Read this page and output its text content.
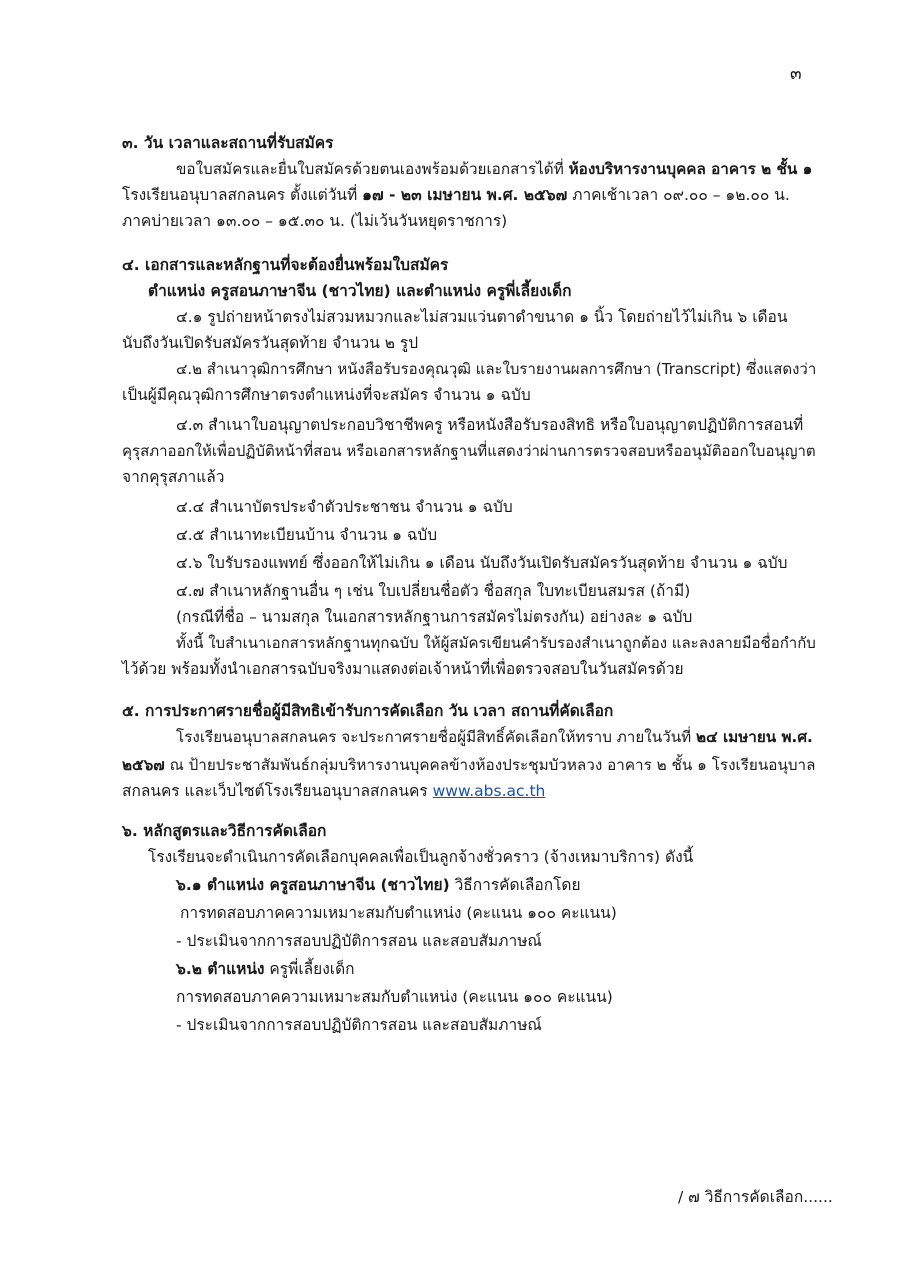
๓
๓. วัน เวลาและสถานที่รับสมัคร
ขอใบสมัครและยื่นใบสมัครด้วยตนเองพร้อมด้วยเอกสารได้ที่ ห้องบริหารงานบุคคล อาคาร ๒ ชั้น ๑
โรงเรียนอนุบาลสกลนคร ตั้งแต่วันที่ ๑๗ - ๒๓ เมษายน พ.ศ. ๒๕๖๗ ภาคเช้าเวลา ๐๙.๐๐ – ๑๒.๐๐ น.
ภาคบ่ายเวลา ๑๓.๐๐ – ๑๕.๓๐ น. (ไม่เว้นวันหยุดราชการ)
๔. เอกสารและหลักฐานที่จะต้องยื่นพร้อมใบสมัคร
ตำแหน่ง ครูสอนภาษาจีน (ชาวไทย) และตำแหน่ง ครูพี่เลี้ยงเด็ก
๔.๑ รูปถ่ายหน้าตรงไม่สวมหมวกและไม่สวมแว่นตาดำขนาด ๑ นิ้ว โดยถ่ายไว้ไม่เกิน ๖ เดือน
นับถึงวันเปิดรับสมัครวันสุดท้าย จำนวน ๒ รูป
๔.๒ สำเนาวุฒิการศึกษา หนังสือรับรองคุณวุฒิ และใบรายงานผลการศึกษา (Transcript) ซึ่งแสดงว่า
เป็นผู้มีคุณวุฒิการศึกษาตรงตำแหน่งที่จะสมัคร จำนวน ๑ ฉบับ
๔.๓ สำเนาใบอนุญาตประกอบวิชาชีพครู หรือหนังสือรับรองสิทธิ หรือใบอนุญาตปฏิบัติการสอนที่
คุรุสภาออกให้เพื่อปฏิบัติหน้าที่สอน หรือเอกสารหลักฐานที่แสดงว่าผ่านการตรวจสอบหรืออนุมัติออกใบอนุญาต
จากคุรุสภาแล้ว
๔.๔ สำเนาบัตรประจำตัวประชาชน จำนวน ๑ ฉบับ
๔.๕ สำเนาทะเบียนบ้าน จำนวน ๑ ฉบับ
๔.๖ ใบรับรองแพทย์ ซึ่งออกให้ไม่เกิน ๑ เดือน นับถึงวันเปิดรับสมัครวันสุดท้าย จำนวน ๑ ฉบับ
๔.๗ สำเนาหลักฐานอื่น ๆ เช่น ใบเปลี่ยนชื่อตัว ชื่อสกุล ใบทะเบียนสมรส (ถ้ามี)
(กรณีที่ชื่อ – นามสกุล ในเอกสารหลักฐานการสมัครไม่ตรงกัน) อย่างละ ๑ ฉบับ
ทั้งนี้ ใบสำเนาเอกสารหลักฐานทุกฉบับ ให้ผู้สมัครเขียนคำรับรองสำเนาถูกต้อง และลงลายมือชื่อกำกับ
ไว้ด้วย พร้อมทั้งนำเอกสารฉบับจริงมาแสดงต่อเจ้าหน้าที่เพื่อตรวจสอบในวันสมัครด้วย
๕. การประกาศรายชื่อผู้มีสิทธิเข้ารับการคัดเลือก วัน เวลา สถานที่คัดเลือก
โรงเรียนอนุบาลสกลนคร จะประกาศรายชื่อผู้มีสิทธิ์คัดเลือกให้ทราบ ภายในวันที่ ๒๔ เมษายน พ.ศ.
๒๕๖๗ ณ ป้ายประชาสัมพันธ์กลุ่มบริหารงานบุคคลข้างห้องประชุมบัวหลวง อาคาร ๒ ชั้น ๑ โรงเรียนอนุบาล
สกลนคร และเว็บไซต์โรงเรียนอนุบาลสกลนคร www.abs.ac.th
๖. หลักสูตรและวิธีการคัดเลือก
โรงเรียนจะดำเนินการคัดเลือกบุคคลเพื่อเป็นลูกจ้างชั่วคราว (จ้างเหมาบริการ) ดังนี้
๖.๑ ตำแหน่ง ครูสอนภาษาจีน (ชาวไทย) วิธีการคัดเลือกโดย
การทดสอบภาคความเหมาะสมกับตำแหน่ง (คะแนน ๑๐๐ คะแนน)
- ประเมินจากการสอบปฏิบัติการสอน และสอบสัมภาษณ์
๖.๒ ตำแหน่ง ครูพี่เลี้ยงเด็ก
การทดสอบภาคความเหมาะสมกับตำแหน่ง (คะแนน ๑๐๐ คะแนน)
- ประเมินจากการสอบปฏิบัติการสอน และสอบสัมภาษณ์
/ ๗ วิธีการคัดเลือก......
